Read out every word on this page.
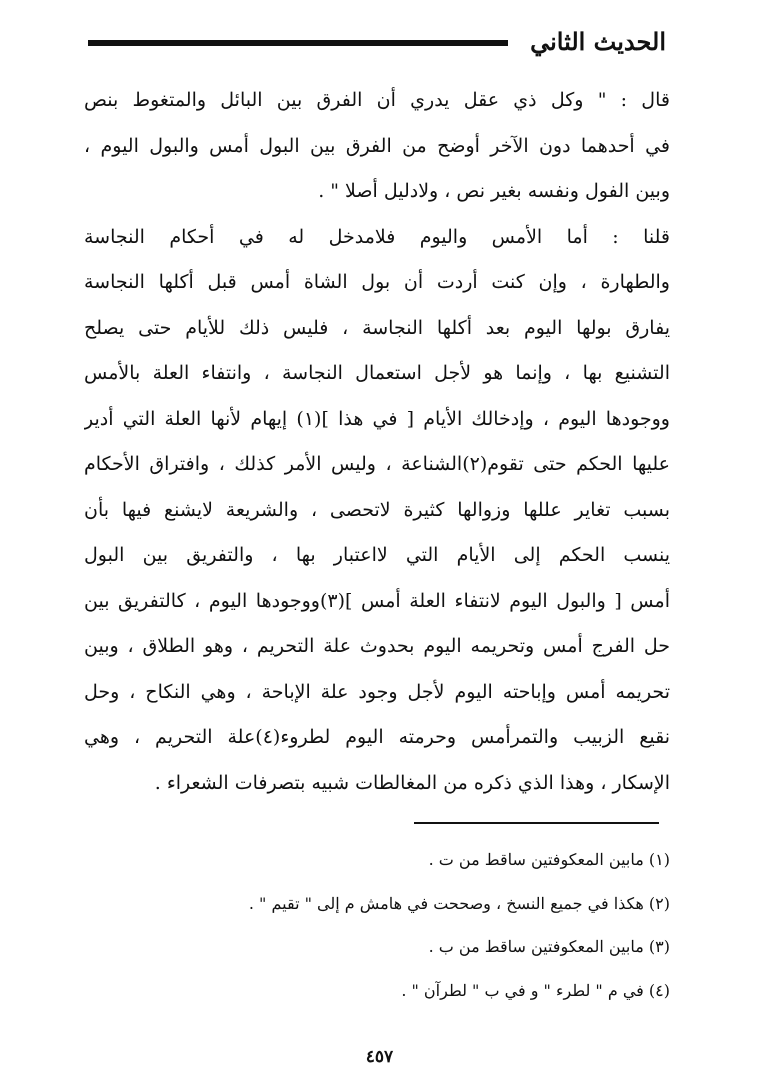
الحديث الثاني
قال : " وكل ذي عقل يدري أن الفرق بين البائل والمتغوط بنص
في أحدهما دون الآخر أوضح من الفرق بين البول أمس والبول اليوم ،
وبين الفول ونفسه بغير نص ، ولادليل أصلا " .
قلنا : أما الأمس واليوم فلامدخل له في أحكام النجاسة
والطهارة ، وإن كنت أردت أن بول الشاة أمس قبل أكلها النجاسة
يفارق بولها اليوم بعد أكلها النجاسة ، فليس ذلك للأيام حتى يصلح
التشنيع بها ، وإنما هو لأجل استعمال النجاسة ، وانتفاء العلة بالأمس
ووجودها اليوم ، وإدخالك الأيام [ في هذا ](١) إيهام لأنها العلة التي أدير
عليها الحكم حتى تقوم(٢)الشناعة ، وليس الأمر كذلك ، وافتراق الأحكام
بسبب تغاير عللها وزوالها كثيرة لاتحصى ، والشريعة لايشنع فيها بأن
ينسب الحكم إلى الأيام التي لااعتبار بها ، والتفريق بين البول
أمس [ والبول اليوم لانتفاء العلة أمس ](٣)ووجودها اليوم ، كالتفريق بين
حل الفرج أمس وتحريمه اليوم بحدوث علة التحريم ، وهو الطلاق ، وبين
تحريمه أمس وإباحته اليوم لأجل وجود علة الإباحة ، وهي النكاح ، وحل
نقيع الزبيب والتمرأمس وحرمته اليوم لطروء(٤)علة التحريم ، وهي
الإسكار ، وهذا الذي ذكره من المغالطات شبيه بتصرفات الشعراء .
(١) مابين المعكوفتين ساقط من ت .
(٢) هكذا في جميع النسخ ، وصححت في هامش م إلى " تقيم " .
(٣) مابين المعكوفتين ساقط من ب .
(٤) في م " لطرء " و في ب " لطرآن " .
٤٥٧
